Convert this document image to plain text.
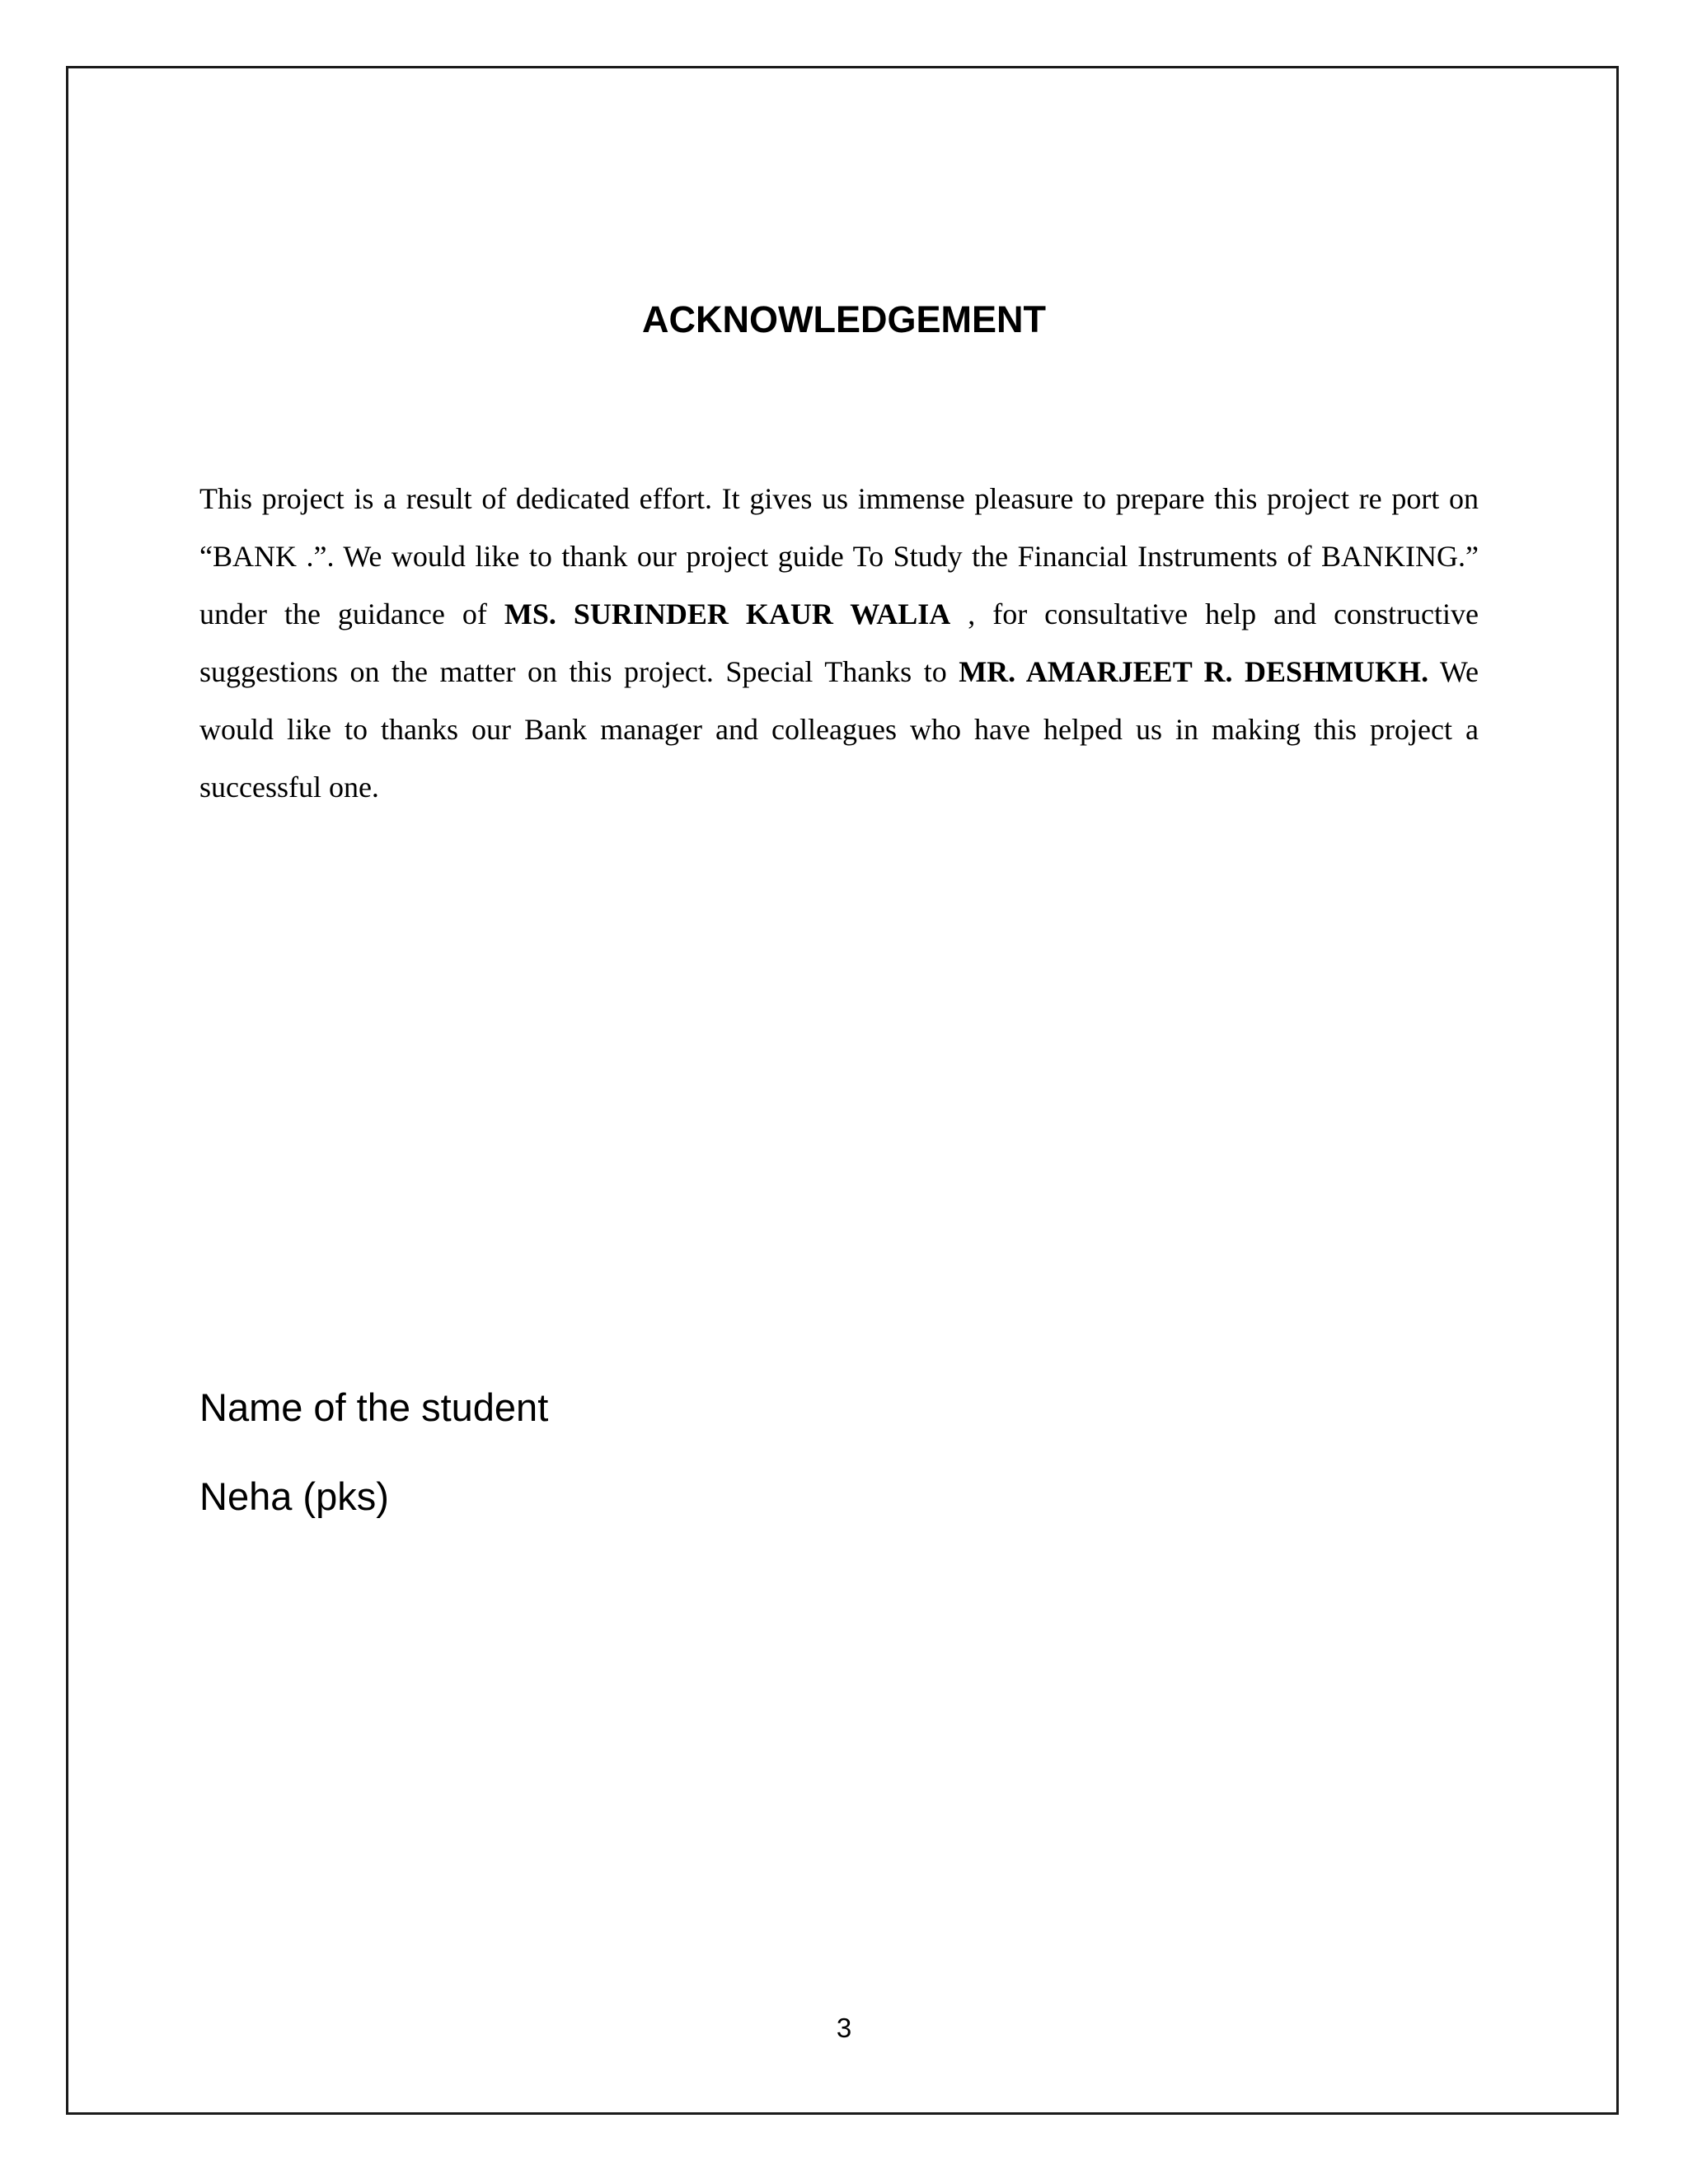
ACKNOWLEDGEMENT

This project is a result of dedicated effort. It gives us immense pleasure to prepare this project re port on “BANK .”. We would like to thank our project guide To Study the Financial Instruments of BANKING.” under the guidance of MS. SURINDER KAUR WALIA , for consultative help and constructive suggestions on the matter on this project. Special Thanks to MR. AMARJEET R. DESHMUKH. We would like to thanks our Bank manager and colleagues who have helped us in making this project a successful one.

Name of the student

Neha (pks)

3
